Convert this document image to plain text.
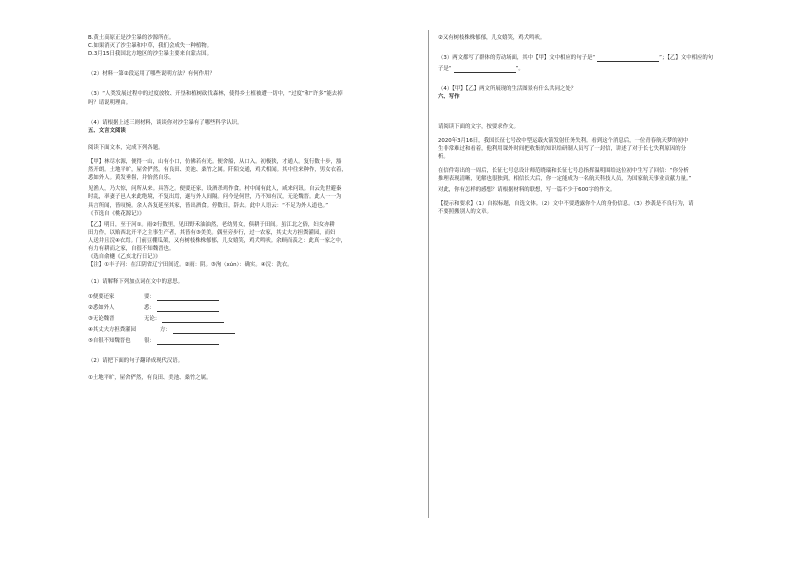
B.黄土高原正是沙尘暴的沙源所在。

C.如果消灭了沙尘暴和中草，我们会成失一种植物。

D.3月15日我国北方地区的沙尘暴主要来自蒙古国。

（2）材料一第②段运用了哪些说明方法？有何作用？

（3）“人类发展过程中的过度放牧、开垦和植树砍伐森林，使得乡土植被遭一切中，“过度”和“许多”能去掉

吗？请说明理由。

（4）请根据上述三则材料，谈谈你对沙尘暴有了哪些科学认识。

五、文言文阅读

阅读下面文本，完成下列各题。

【甲】林尽水源，便得一山，山有小口，仿佛若有光。便舍船，从口入。初极狭，才通人。复行数十步，豁

然开朗。土地平旷，屋舍俨然，有良田、美池、桑竹之属。阡陌交通，鸡犬相闻。其中往来种作，男女衣着，

悉如外人。黄发垂髫，并怡然自乐。

见渔人，乃大惊，问所从来。具答之。便要还家，设酒杀鸡作食。村中闻有此人，咸来问讯。自云先世避秦

时乱，率妻子邑人来此绝境，不复出焉，遂与外人间隔。问今是何世，乃不知有汉，无论魏晋。此人一一为

具言所闻，皆叹惋。余人各复延至其家，皆出酒食。停数日，辞去。此中人语云：“不足为外人道也。”

《节选自《桃花源记》》

【乙】明日，至于河①。雨②行数里，见田野禾油油然，老幼男女，俱耕于田间。虽江北之俗，妇女亦耕

田力作，以贻西北开平之主事生产者，其皆有③美美。偶至旁步行，过一农家，其丈夫方担粪灌园，而妇

人送井且浣④衣焉。门前豆棚瓜架，又有树枝株株郁郁，儿女嬉笑，鸡犬鸣吠。余顾而羡之：此真一家之中，

有力有耕而之家，自很不知魏晋也。

《选自俞樾《乙亥北行日记》》

【注】①丰子河：在江阴省辽宁田间近。②雨：阴。③洵（xún）：确实。④浣：洗衣。

（1）请解释下列加点词在文中的意思。

①便要还家	要：
②悉如外人	悉：
③无论魏晋	无论：
④其丈夫方担粪灌园	方：
⑤自很不知魏晋也	很：

（2）请把下面的句子翻译成现代汉语。

①土地平旷，屋舍俨然，有良田、美池、桑竹之属。

②又有树枝株株郁郁，儿女嬉笑，鸡犬鸣吠。

（3）两文都写了群体的劳动场面，其中【甲】文中相应的句子是“	”；【乙】文中相应的句
子是“	”。

（4）【甲】【乙】两文所展现的生活图景有什么共同之处？

六、写作

请阅读下面的文字，按要求作文。

2020年3月16日，我国长征七号改中型运载火箭发射任务失利。看到这个消息后，一位青春航天梦的初中

生非常难过和看着，他利用课外时间把收集的知识给研制人员写了一封信，讲述了对于长七失利原因的分

析。

在信件寄出的一周后，长征七号总设计师范晓瑞和长征七号总指挥温明围给这位初中生写了回信：“你分析

推理表现清晰，见解也很独到，相信长大后，你一定能成为一名航天科技人员，为国家航天事业贡献力量。”

对此，你有怎样的感想？请根据材料的联想，写一篇不少于600字的作文。

【提示和要求】（1）自拟标题，自选文体。（2）文中不要透露你个人的身份信息。（3）抄袭是不良行为，请

不要照搬别人的文章。
